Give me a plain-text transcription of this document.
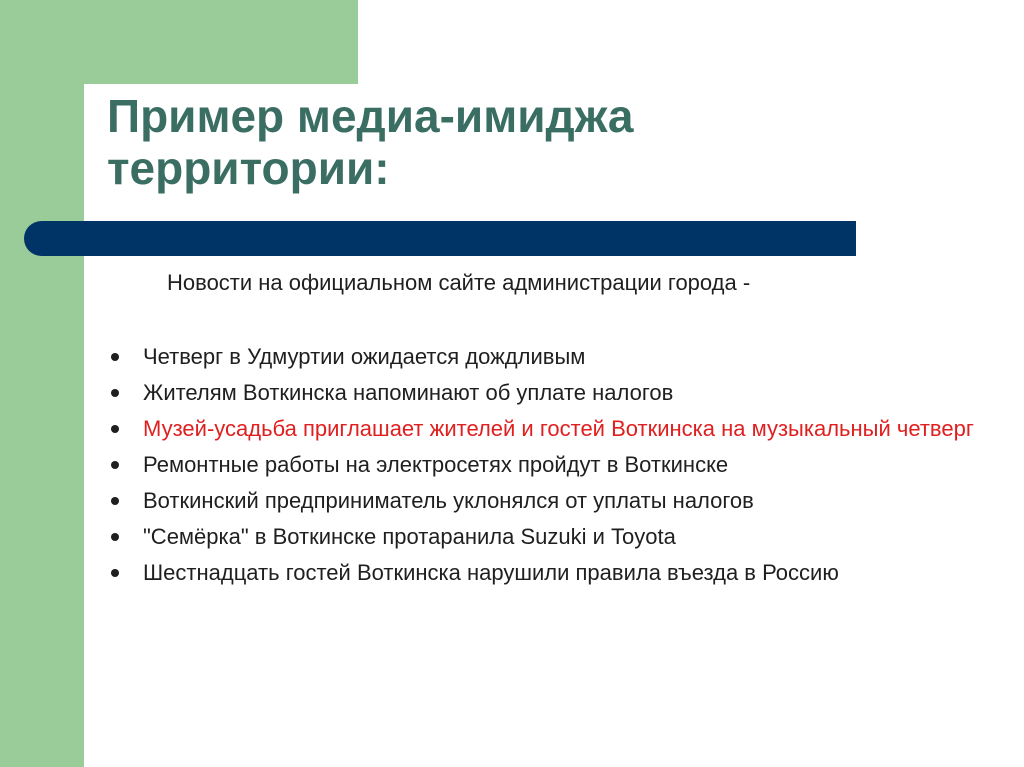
Пример медиа-имиджа
территории:

Новости на официальном сайте администрации города -

Четверг в Удмуртии ожидается дождливым
Жителям Воткинска напоминают об уплате налогов
Музей-усадьба приглашает жителей и гостей Воткинска на музыкальный четверг
Ремонтные работы на электросетях пройдут в Воткинске
Воткинский предприниматель уклонялся от уплаты налогов
"Семёрка" в Воткинске протаранила Suzuki и Toyota
Шестнадцать гостей Воткинска нарушили правила въезда в Россию
